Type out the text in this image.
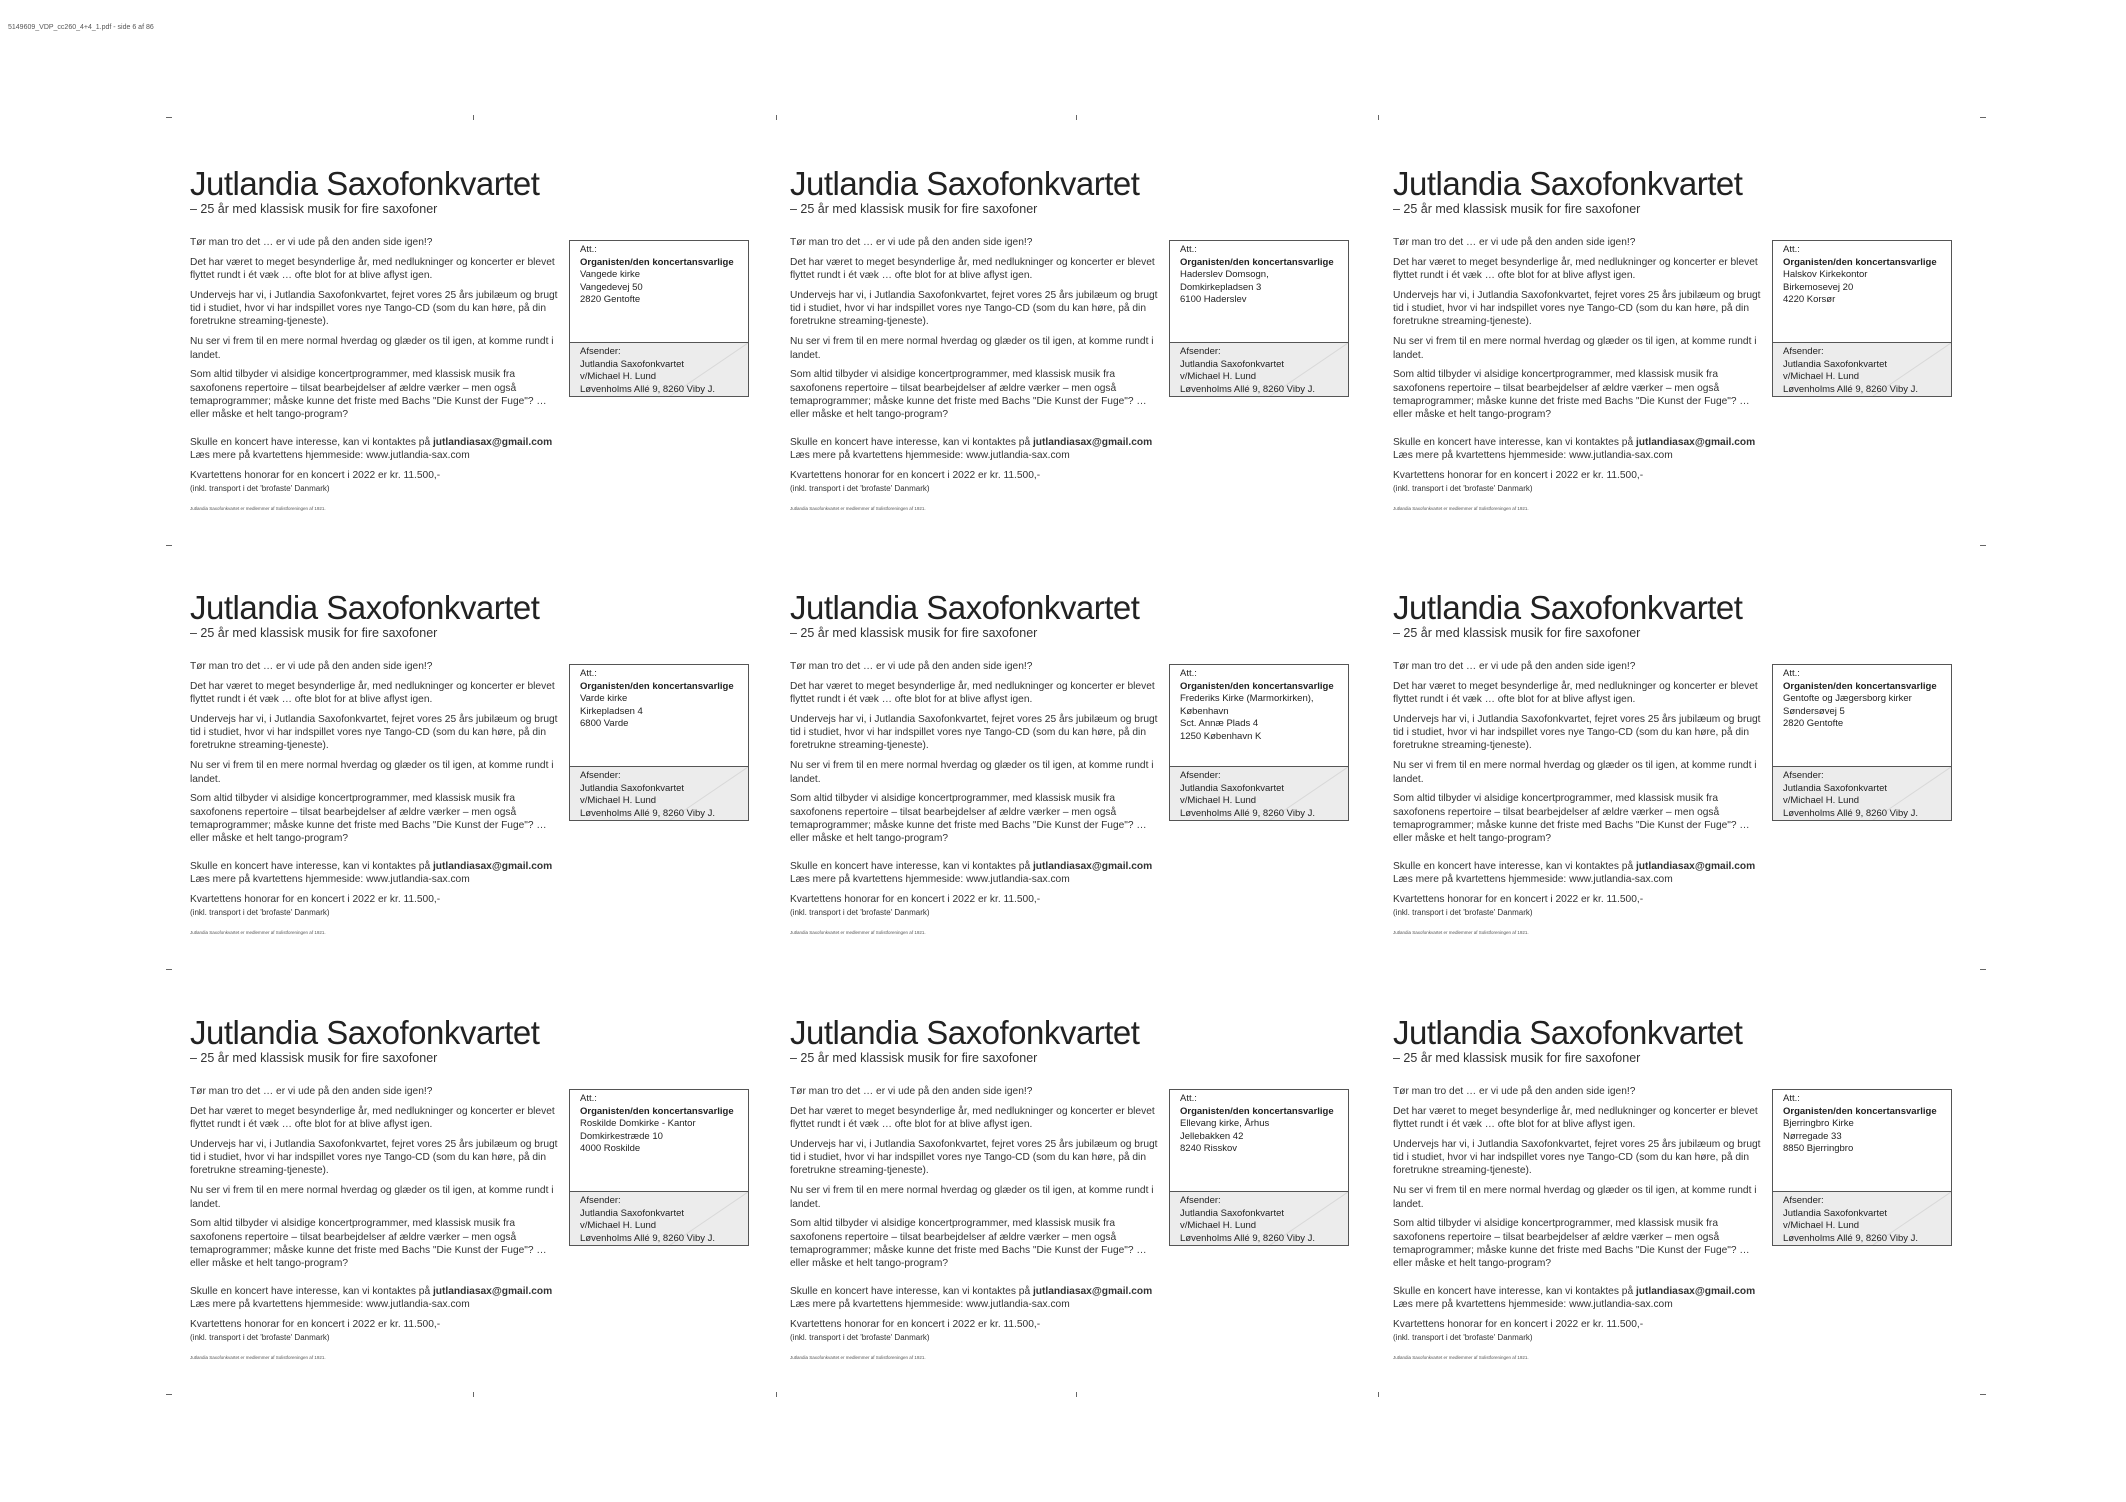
5149609_VDP_cc260_4+4_1.pdf - side 6 af 86
Jutlandia Saxofonkvartet
– 25 år med klassisk musik for fire saxofoner

Tør man tro det … er vi ude på den anden side igen!?

Det har været to meget besynderlige år, med nedlukninger og koncerter er blevet flyttet rundt i ét væk … ofte blot for at blive aflyst igen.

Undervejs har vi, i Jutlandia Saxofonkvartet, fejret vores 25 års jubilæum og brugt tid i studiet, hvor vi har indspillet vores nye Tango-CD (som du kan høre, på din foretrukne streaming-tjeneste).

Nu ser vi frem til en mere normal hverdag og glæder os til igen, at komme rundt i landet.

Som altid tilbyder vi alsidige koncertprogrammer, med klassisk musik fra saxofonens repertoire – tilsat bearbejdelser af ældre værker – men også temaprogrammer; måske kunne det friste med Bachs "Die Kunst der Fuge"? … eller måske et helt tango-program?

Skulle en koncert have interesse, kan vi kontaktes på jutlandiasax@gmail.com

Læs mere på kvartettens hjemmeside: www.jutlandia-sax.com

Kvartettens honorar for en koncert i 2022 er kr. 11.500,-

(inkl. transport i det 'brofaste' Danmark)

Jutlandia Saxofonkvartet er medlemmer af Solistforeningen af 1921.

Att.:
Organisten/den koncertansvarlige
Vangede kirke
Vangedevej 50
2820 Gentofte
Afsender:
Jutlandia Saxofonkvartet
v/Michael H. Lund
Løvenholms Allé 9, 8260 Viby J.
Jutlandia Saxofonkvartet
– 25 år med klassisk musik for fire saxofoner

Tør man tro det … er vi ude på den anden side igen!?

Det har været to meget besynderlige år, med nedlukninger og koncerter er blevet flyttet rundt i ét væk … ofte blot for at blive aflyst igen.

Undervejs har vi, i Jutlandia Saxofonkvartet, fejret vores 25 års jubilæum og brugt tid i studiet, hvor vi har indspillet vores nye Tango-CD (som du kan høre, på din foretrukne streaming-tjeneste).

Nu ser vi frem til en mere normal hverdag og glæder os til igen, at komme rundt i landet.

Som altid tilbyder vi alsidige koncertprogrammer, med klassisk musik fra saxofonens repertoire – tilsat bearbejdelser af ældre værker – men også temaprogrammer; måske kunne det friste med Bachs "Die Kunst der Fuge"? … eller måske et helt tango-program?

Skulle en koncert have interesse, kan vi kontaktes på jutlandiasax@gmail.com

Læs mere på kvartettens hjemmeside: www.jutlandia-sax.com

Kvartettens honorar for en koncert i 2022 er kr. 11.500,-

(inkl. transport i det 'brofaste' Danmark)

Jutlandia Saxofonkvartet er medlemmer af Solistforeningen af 1921.

Att.:
Organisten/den koncertansvarlige
Haderslev Domsogn,
Domkirkepladsen 3
6100 Haderslev
Afsender:
Jutlandia Saxofonkvartet
v/Michael H. Lund
Løvenholms Allé 9, 8260 Viby J.
Jutlandia Saxofonkvartet
– 25 år med klassisk musik for fire saxofoner

Tør man tro det … er vi ude på den anden side igen!?

Det har været to meget besynderlige år, med nedlukninger og koncerter er blevet flyttet rundt i ét væk … ofte blot for at blive aflyst igen.

Undervejs har vi, i Jutlandia Saxofonkvartet, fejret vores 25 års jubilæum og brugt tid i studiet, hvor vi har indspillet vores nye Tango-CD (som du kan høre, på din foretrukne streaming-tjeneste).

Nu ser vi frem til en mere normal hverdag og glæder os til igen, at komme rundt i landet.

Som altid tilbyder vi alsidige koncertprogrammer, med klassisk musik fra saxofonens repertoire – tilsat bearbejdelser af ældre værker – men også temaprogrammer; måske kunne det friste med Bachs "Die Kunst der Fuge"? … eller måske et helt tango-program?

Skulle en koncert have interesse, kan vi kontaktes på jutlandiasax@gmail.com

Læs mere på kvartettens hjemmeside: www.jutlandia-sax.com

Kvartettens honorar for en koncert i 2022 er kr. 11.500,-

(inkl. transport i det 'brofaste' Danmark)

Jutlandia Saxofonkvartet er medlemmer af Solistforeningen af 1921.

Att.:
Organisten/den koncertansvarlige
Halskov Kirkekontor
Birkemosevej 20
4220 Korsør
Afsender:
Jutlandia Saxofonkvartet
v/Michael H. Lund
Løvenholms Allé 9, 8260 Viby J.
Jutlandia Saxofonkvartet
– 25 år med klassisk musik for fire saxofoner

Tør man tro det … er vi ude på den anden side igen!?

Det har været to meget besynderlige år, med nedlukninger og koncerter er blevet flyttet rundt i ét væk … ofte blot for at blive aflyst igen.

Undervejs har vi, i Jutlandia Saxofonkvartet, fejret vores 25 års jubilæum og brugt tid i studiet, hvor vi har indspillet vores nye Tango-CD (som du kan høre, på din foretrukne streaming-tjeneste).

Nu ser vi frem til en mere normal hverdag og glæder os til igen, at komme rundt i landet.

Som altid tilbyder vi alsidige koncertprogrammer, med klassisk musik fra saxofonens repertoire – tilsat bearbejdelser af ældre værker – men også temaprogrammer; måske kunne det friste med Bachs "Die Kunst der Fuge"? … eller måske et helt tango-program?

Skulle en koncert have interesse, kan vi kontaktes på jutlandiasax@gmail.com

Læs mere på kvartettens hjemmeside: www.jutlandia-sax.com

Kvartettens honorar for en koncert i 2022 er kr. 11.500,-

(inkl. transport i det 'brofaste' Danmark)

Jutlandia Saxofonkvartet er medlemmer af Solistforeningen af 1921.

Att.:
Organisten/den koncertansvarlige
Varde kirke
Kirkepladsen 4
6800 Varde
Afsender:
Jutlandia Saxofonkvartet
v/Michael H. Lund
Løvenholms Allé 9, 8260 Viby J.
Jutlandia Saxofonkvartet
– 25 år med klassisk musik for fire saxofoner

Tør man tro det … er vi ude på den anden side igen!?

Det har været to meget besynderlige år, med nedlukninger og koncerter er blevet flyttet rundt i ét væk … ofte blot for at blive aflyst igen.

Undervejs har vi, i Jutlandia Saxofonkvartet, fejret vores 25 års jubilæum og brugt tid i studiet, hvor vi har indspillet vores nye Tango-CD (som du kan høre, på din foretrukne streaming-tjeneste).

Nu ser vi frem til en mere normal hverdag og glæder os til igen, at komme rundt i landet.

Som altid tilbyder vi alsidige koncertprogrammer, med klassisk musik fra saxofonens repertoire – tilsat bearbejdelser af ældre værker – men også temaprogrammer; måske kunne det friste med Bachs "Die Kunst der Fuge"? … eller måske et helt tango-program?

Skulle en koncert have interesse, kan vi kontaktes på jutlandiasax@gmail.com

Læs mere på kvartettens hjemmeside: www.jutlandia-sax.com

Kvartettens honorar for en koncert i 2022 er kr. 11.500,-

(inkl. transport i det 'brofaste' Danmark)

Jutlandia Saxofonkvartet er medlemmer af Solistforeningen af 1921.

Att.:
Organisten/den koncertansvarlige
Frederiks Kirke (Marmorkirken),
København
Sct. Annæ Plads 4
1250 København K
Afsender:
Jutlandia Saxofonkvartet
v/Michael H. Lund
Løvenholms Allé 9, 8260 Viby J.
Jutlandia Saxofonkvartet
– 25 år med klassisk musik for fire saxofoner

Tør man tro det … er vi ude på den anden side igen!?

Det har været to meget besynderlige år, med nedlukninger og koncerter er blevet flyttet rundt i ét væk … ofte blot for at blive aflyst igen.

Undervejs har vi, i Jutlandia Saxofonkvartet, fejret vores 25 års jubilæum og brugt tid i studiet, hvor vi har indspillet vores nye Tango-CD (som du kan høre, på din foretrukne streaming-tjeneste).

Nu ser vi frem til en mere normal hverdag og glæder os til igen, at komme rundt i landet.

Som altid tilbyder vi alsidige koncertprogrammer, med klassisk musik fra saxofonens repertoire – tilsat bearbejdelser af ældre værker – men også temaprogrammer; måske kunne det friste med Bachs "Die Kunst der Fuge"? … eller måske et helt tango-program?

Skulle en koncert have interesse, kan vi kontaktes på jutlandiasax@gmail.com

Læs mere på kvartettens hjemmeside: www.jutlandia-sax.com

Kvartettens honorar for en koncert i 2022 er kr. 11.500,-

(inkl. transport i det 'brofaste' Danmark)

Jutlandia Saxofonkvartet er medlemmer af Solistforeningen af 1921.

Att.:
Organisten/den koncertansvarlige
Gentofte og Jægersborg kirker
Søndersøvej 5
2820 Gentofte
Afsender:
Jutlandia Saxofonkvartet
v/Michael H. Lund
Løvenholms Allé 9, 8260 Viby J.
Jutlandia Saxofonkvartet
– 25 år med klassisk musik for fire saxofoner

Tør man tro det … er vi ude på den anden side igen!?

Det har været to meget besynderlige år, med nedlukninger og koncerter er blevet flyttet rundt i ét væk … ofte blot for at blive aflyst igen.

Undervejs har vi, i Jutlandia Saxofonkvartet, fejret vores 25 års jubilæum og brugt tid i studiet, hvor vi har indspillet vores nye Tango-CD (som du kan høre, på din foretrukne streaming-tjeneste).

Nu ser vi frem til en mere normal hverdag og glæder os til igen, at komme rundt i landet.

Som altid tilbyder vi alsidige koncertprogrammer, med klassisk musik fra saxofonens repertoire – tilsat bearbejdelser af ældre værker – men også temaprogrammer; måske kunne det friste med Bachs "Die Kunst der Fuge"? … eller måske et helt tango-program?

Skulle en koncert have interesse, kan vi kontaktes på jutlandiasax@gmail.com

Læs mere på kvartettens hjemmeside: www.jutlandia-sax.com

Kvartettens honorar for en koncert i 2022 er kr. 11.500,-

(inkl. transport i det 'brofaste' Danmark)

Jutlandia Saxofonkvartet er medlemmer af Solistforeningen af 1921.

Att.:
Organisten/den koncertansvarlige
Roskilde Domkirke - Kantor
Domkirkestræde 10
4000 Roskilde
Afsender:
Jutlandia Saxofonkvartet
v/Michael H. Lund
Løvenholms Allé 9, 8260 Viby J.
Jutlandia Saxofonkvartet
– 25 år med klassisk musik for fire saxofoner

Tør man tro det … er vi ude på den anden side igen!?

Det har været to meget besynderlige år, med nedlukninger og koncerter er blevet flyttet rundt i ét væk … ofte blot for at blive aflyst igen.

Undervejs har vi, i Jutlandia Saxofonkvartet, fejret vores 25 års jubilæum og brugt tid i studiet, hvor vi har indspillet vores nye Tango-CD (som du kan høre, på din foretrukne streaming-tjeneste).

Nu ser vi frem til en mere normal hverdag og glæder os til igen, at komme rundt i landet.

Som altid tilbyder vi alsidige koncertprogrammer, med klassisk musik fra saxofonens repertoire – tilsat bearbejdelser af ældre værker – men også temaprogrammer; måske kunne det friste med Bachs "Die Kunst der Fuge"? … eller måske et helt tango-program?

Skulle en koncert have interesse, kan vi kontaktes på jutlandiasax@gmail.com

Læs mere på kvartettens hjemmeside: www.jutlandia-sax.com

Kvartettens honorar for en koncert i 2022 er kr. 11.500,-

(inkl. transport i det 'brofaste' Danmark)

Jutlandia Saxofonkvartet er medlemmer af Solistforeningen af 1921.

Att.:
Organisten/den koncertansvarlige
Ellevang kirke, Århus
Jellebakken 42
8240 Risskov
Afsender:
Jutlandia Saxofonkvartet
v/Michael H. Lund
Løvenholms Allé 9, 8260 Viby J.
Jutlandia Saxofonkvartet
– 25 år med klassisk musik for fire saxofoner

Tør man tro det … er vi ude på den anden side igen!?

Det har været to meget besynderlige år, med nedlukninger og koncerter er blevet flyttet rundt i ét væk … ofte blot for at blive aflyst igen.

Undervejs har vi, i Jutlandia Saxofonkvartet, fejret vores 25 års jubilæum og brugt tid i studiet, hvor vi har indspillet vores nye Tango-CD (som du kan høre, på din foretrukne streaming-tjeneste).

Nu ser vi frem til en mere normal hverdag og glæder os til igen, at komme rundt i landet.

Som altid tilbyder vi alsidige koncertprogrammer, med klassisk musik fra saxofonens repertoire – tilsat bearbejdelser af ældre værker – men også temaprogrammer; måske kunne det friste med Bachs "Die Kunst der Fuge"? … eller måske et helt tango-program?

Skulle en koncert have interesse, kan vi kontaktes på jutlandiasax@gmail.com

Læs mere på kvartettens hjemmeside: www.jutlandia-sax.com

Kvartettens honorar for en koncert i 2022 er kr. 11.500,-

(inkl. transport i det 'brofaste' Danmark)

Jutlandia Saxofonkvartet er medlemmer af Solistforeningen af 1921.

Att.:
Organisten/den koncertansvarlige
Bjerringbro Kirke
Nørregade 33
8850 Bjerringbro
Afsender:
Jutlandia Saxofonkvartet
v/Michael H. Lund
Løvenholms Allé 9, 8260 Viby J.
